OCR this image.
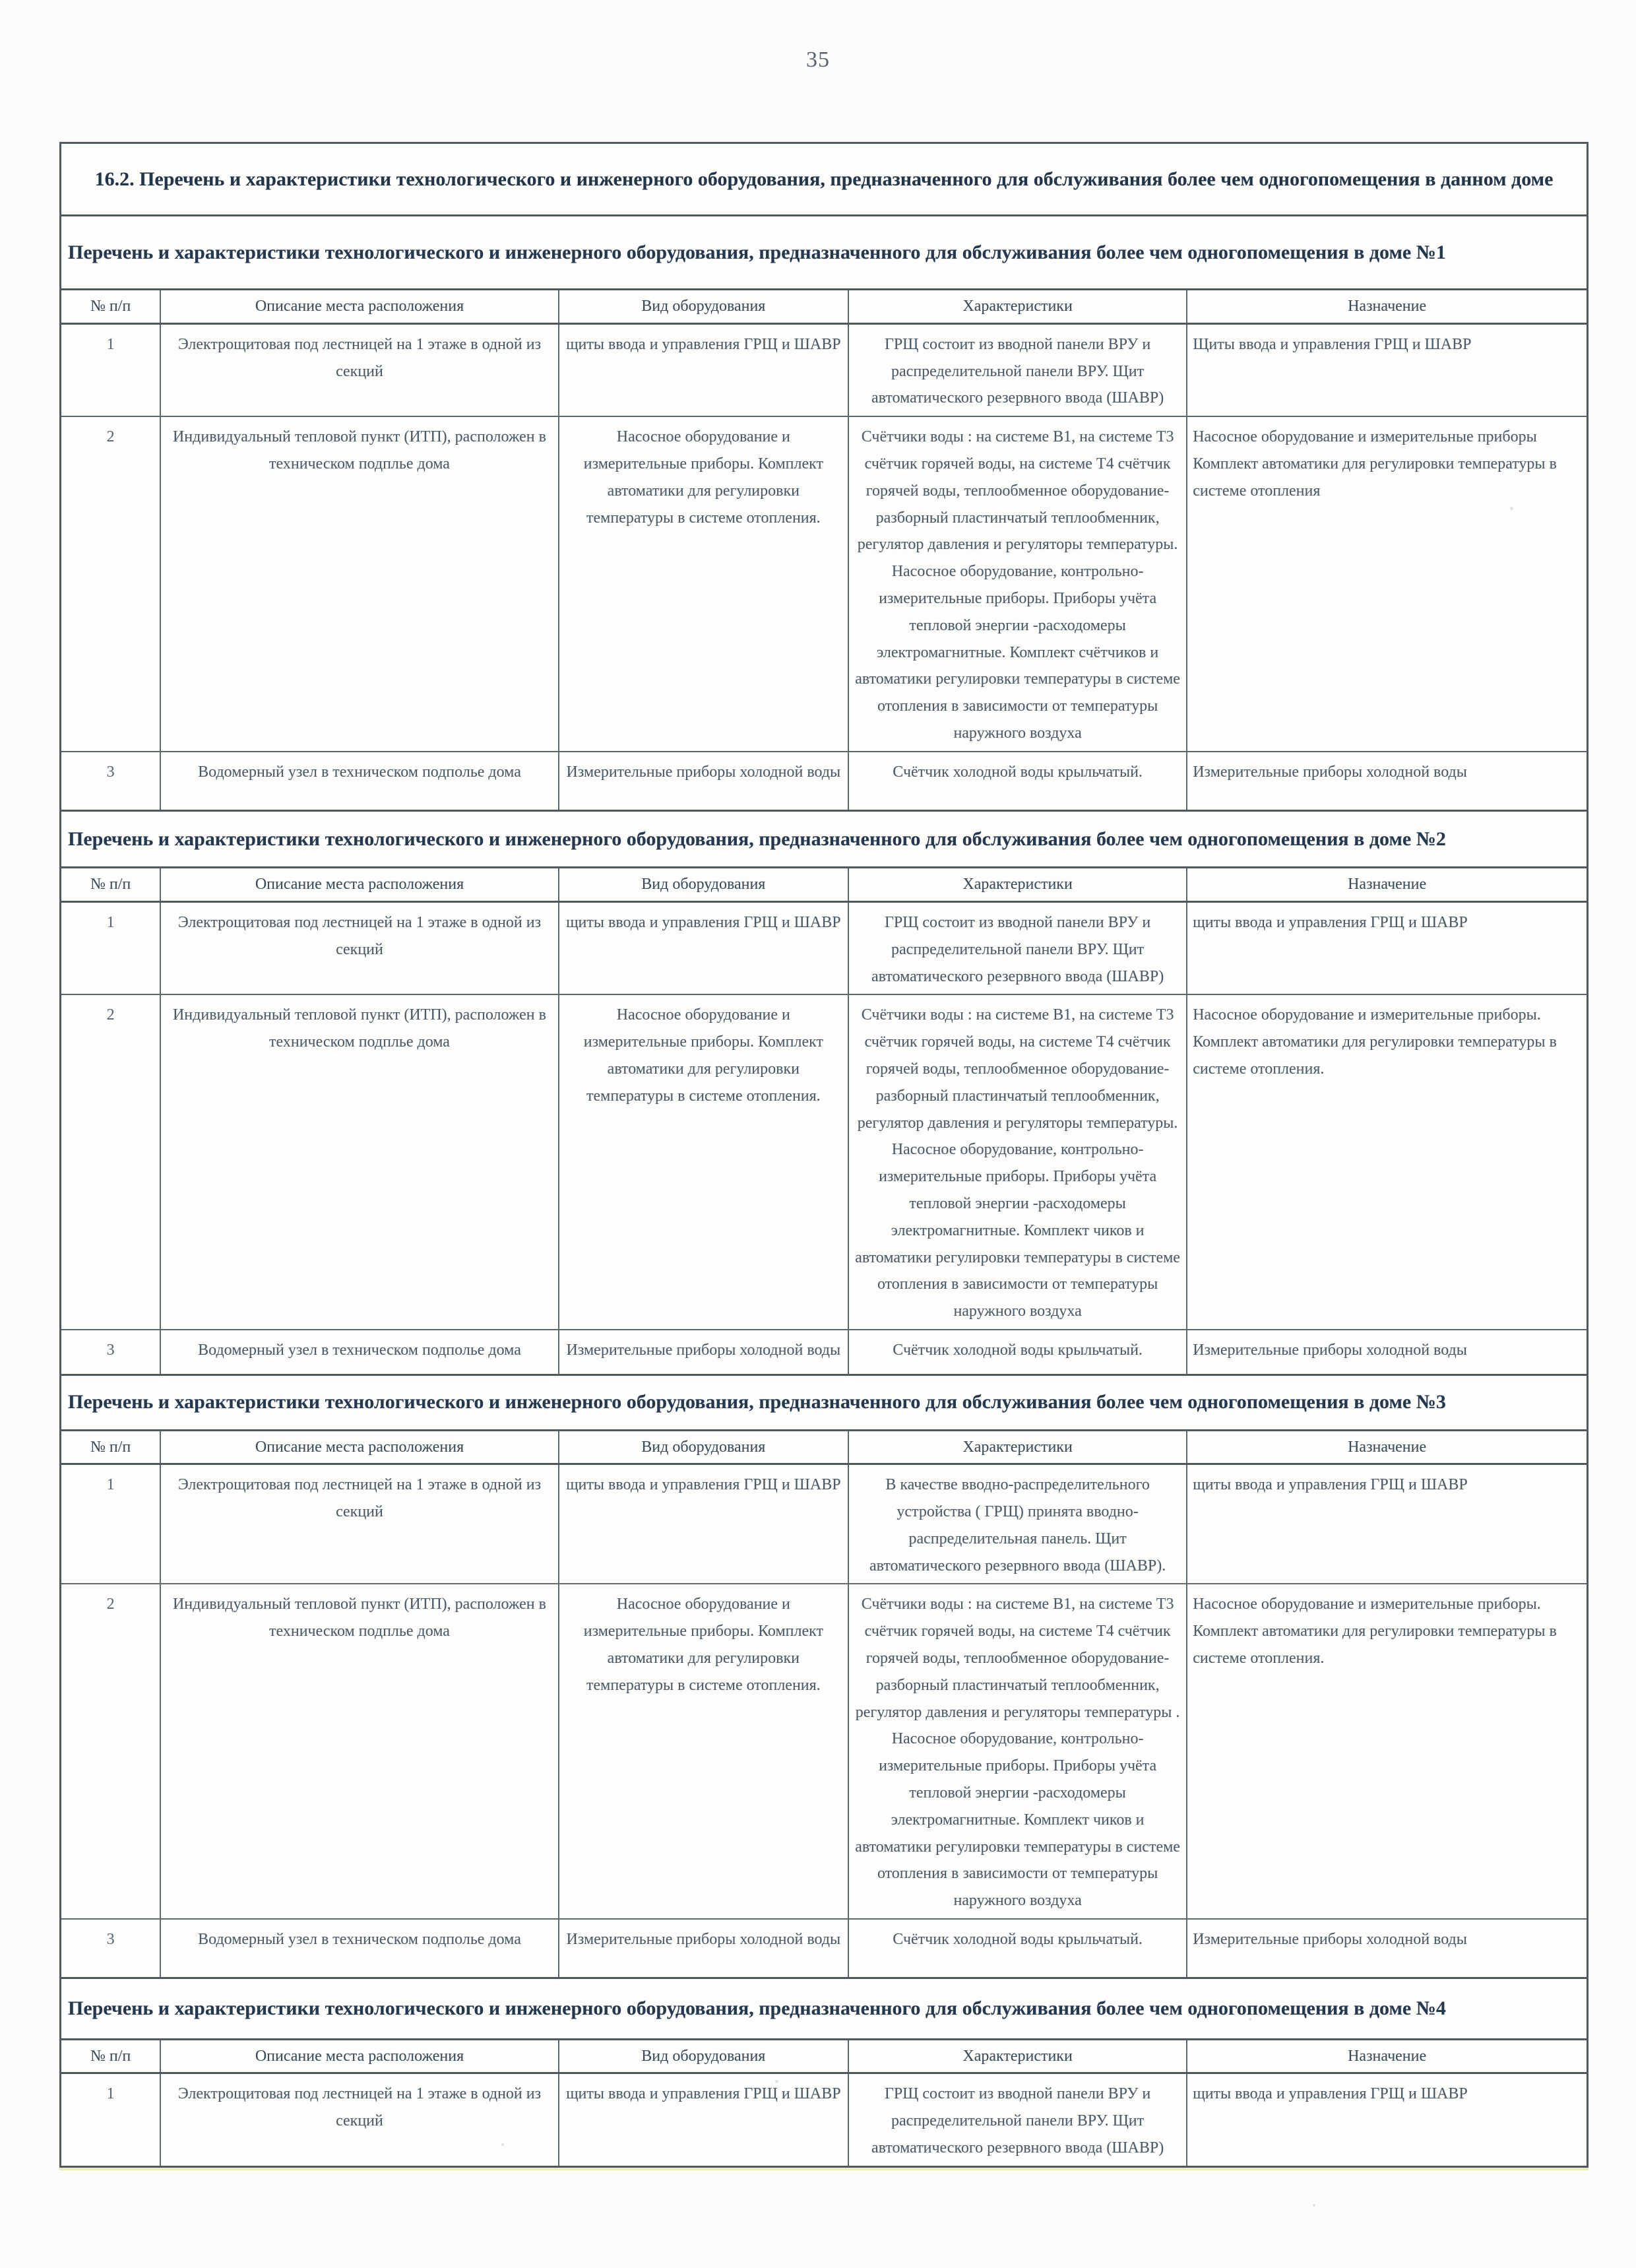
35
16.2. Перечень и характеристики технологического и инженерного оборудования, предназначенного для обслуживания более чем одногопомещения в данном доме
Перечень и характеристики технологического и инженерного оборудования, предназначенного для обслуживания более чем одногопомещения в доме №1
№ п/п	Описание места расположения	Вид оборудования	Характеристики	Назначение
1	Электрощитовая под лестницей на 1 этаже в одной из секций	щиты ввода и управления ГРЩ и ШАВР	ГРЩ состоит из вводной панели ВРУ и распределительной панели ВРУ. Щит автоматического резервного ввода (ШАВР)	Щиты ввода и управления ГРЩ и ШАВР
2	Индивидуальный тепловой пункт (ИТП), расположен в техническом подплье дома	Насосное оборудование и измерительные приборы. Комплект автоматики для регулировки температуры в системе отопления.	Счётчики воды : на системе В1, на системе Т3 счётчик горячей воды, на системе Т4 счётчик горячей воды, теплообменное оборудование- разборный пластинчатый теплообменник, регулятор давления и регуляторы температуры. Насосное оборудование, контрольно- измерительные приборы. Приборы учёта тепловой энергии -расходомеры электромагнитные. Комплект счётчиков и автоматики регулировки температуры в системе отопления в зависимости от температуры наружного воздуха	Насосное оборудование и измерительные приборы Комплект автоматики для регулировки температуры в системе отопления
3	Водомерный узел в техническом подполье дома	Измерительные приборы холодной воды	Счётчик холодной воды крыльчатый.	Измерительные приборы холодной воды
Перечень и характеристики технологического и инженерного оборудования, предназначенного для обслуживания более чем одногопомещения в доме №2
№ п/п	Описание места расположения	Вид оборудования	Характеристики	Назначение
1	Электрощитовая под лестницей на 1 этаже в одной из секций	щиты ввода и управления ГРЩ и ШАВР	ГРЩ состоит из вводной панели ВРУ и распределительной панели ВРУ. Щит автоматического резервного ввода (ШАВР)	щиты ввода и управления ГРЩ и ШАВР
2	Индивидуальный тепловой пункт (ИТП), расположен в техническом подплье дома	Насосное оборудование и измерительные приборы. Комплект автоматики для регулировки температуры в системе отопления.	Счётчики воды : на системе В1, на системе Т3 счётчик горячей воды, на системе Т4 счётчик горячей воды, теплообменное оборудование- разборный пластинчатый теплообменник, регулятор давления и регуляторы температуры. Насосное оборудование, контрольно- измерительные приборы. Приборы учёта тепловой энергии -расходомеры электромагнитные. Комплект чиков и автоматики регулировки температуры в системе отопления в зависимости от температуры наружного воздуха	Насосное оборудование и измерительные приборы. Комплект автоматики для регулировки температуры в системе отопления.
3	Водомерный узел в техническом подполье дома	Измерительные приборы холодной воды	Счётчик холодной воды крыльчатый.	Измерительные приборы холодной воды
Перечень и характеристики технологического и инженерного оборудования, предназначенного для обслуживания более чем одногопомещения в доме №3
№ п/п	Описание места расположения	Вид оборудования	Характеристики	Назначение
1	Электрощитовая под лестницей на 1 этаже в одной из секций	щиты ввода и управления ГРЩ и ШАВР	В качестве вводно-распределительного устройства ( ГРЩ) принята вводно- распределительная панель. Щит автоматического резервного ввода (ШАВР).	щиты ввода и управления ГРЩ и ШАВР
2	Индивидуальный тепловой пункт (ИТП), расположен в техническом подплье дома	Насосное оборудование и измерительные приборы. Комплект автоматики для регулировки температуры в системе отопления.	Счётчики воды : на системе В1, на системе Т3 счётчик горячей воды, на системе Т4 счётчик горячей воды, теплообменное оборудование- разборный пластинчатый теплообменник, регулятор давления и регуляторы температуры . Насосное оборудование, контрольно- измерительные приборы. Приборы учёта тепловой энергии -расходомеры электромагнитные. Комплект чиков и автоматики регулировки температуры в системе отопления в зависимости от температуры наружного воздуха	Насосное оборудование и измерительные приборы. Комплект автоматики для регулировки температуры в системе отопления.
3	Водомерный узел в техническом подполье дома	Измерительные приборы холодной воды	Счётчик холодной воды крыльчатый.	Измерительные приборы холодной воды
Перечень и характеристики технологического и инженерного оборудования, предназначенного для обслуживания более чем одногопомещения в доме №4
№ п/п	Описание места расположения	Вид оборудования	Характеристики	Назначение
1	Электрощитовая под лестницей на 1 этаже в одной из секций	щиты ввода и управления ГРЩ и ШАВР	ГРЩ состоит из вводной панели ВРУ и распределительной панели ВРУ. Щит автоматического резервного ввода (ШАВР)	щиты ввода и управления ГРЩ и ШАВР
